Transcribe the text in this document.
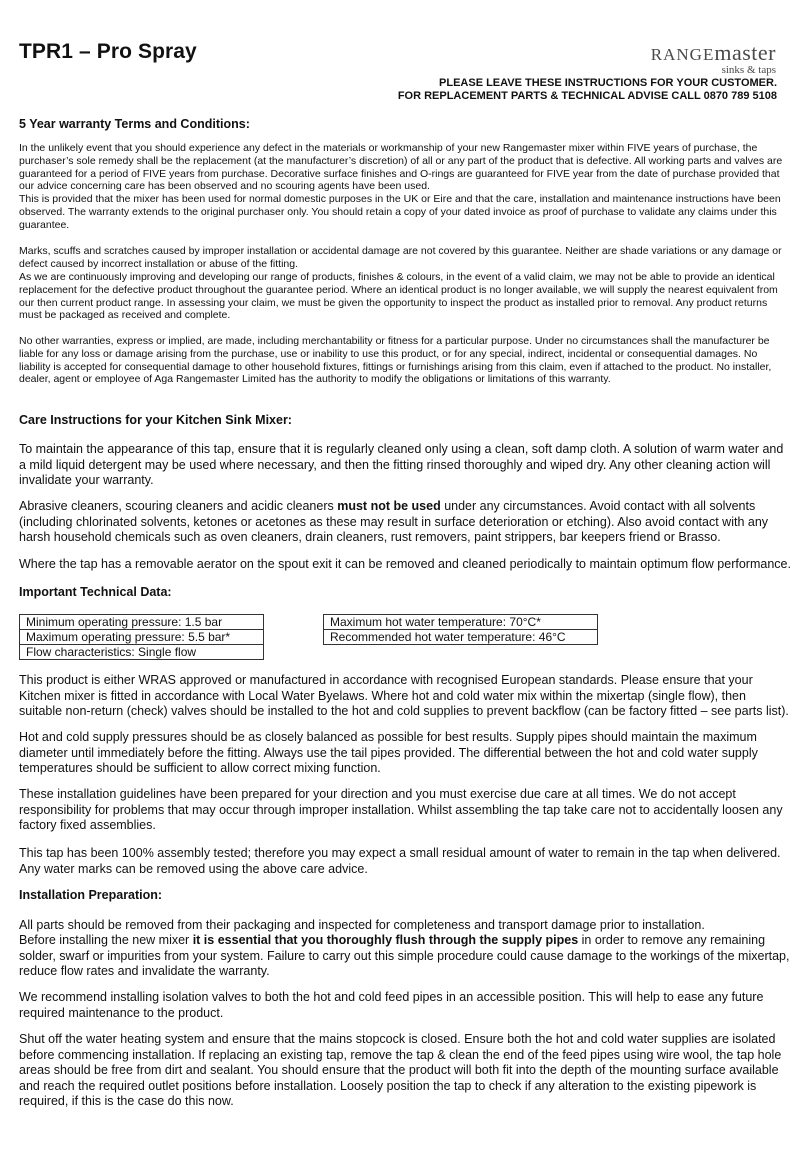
TPR1 – Pro Spray	RANGEmaster
sinks & taps
PLEASE LEAVE THESE INSTRUCTIONS FOR YOUR CUSTOMER.
FOR REPLACEMENT PARTS & TECHNICAL ADVISE CALL 0870 789 5108
5 Year warranty Terms and Conditions:

In the unlikely event that you should experience any defect in the materials or workmanship of your new Rangemaster mixer within FIVE years of purchase, the purchaser’s sole remedy shall be the replacement (at the manufacturer’s discretion) of all or any part of the product that is defective. All working parts and valves are guaranteed for a period of FIVE years from purchase. Decorative surface finishes and O-rings are guaranteed for FIVE year from the date of purchase provided that our advice concerning care has been observed and no scouring agents have been used.

This is provided that the mixer has been used for normal domestic purposes in the UK or Eire and that the care, installation and maintenance instructions have been observed. The warranty extends to the original purchaser only. You should retain a copy of your dated invoice as proof of purchase to validate any claims under this guarantee.

Marks, scuffs and scratches caused by improper installation or accidental damage are not covered by this guarantee. Neither are shade variations or any damage or defect caused by incorrect installation or abuse of the fitting.

As we are continuously improving and developing our range of products, finishes & colours, in the event of a valid claim, we may not be able to provide an identical replacement for the defective product throughout the guarantee period. Where an identical product is no longer available, we will supply the nearest equivalent from our then current product range. In assessing your claim, we must be given the opportunity to inspect the product as installed prior to removal. Any product returns must be packaged as received and complete.

No other warranties, express or implied, are made, including merchantability or fitness for a particular purpose. Under no circumstances shall the manufacturer be liable for any loss or damage arising from the purchase, use or inability to use this product, or for any special, indirect, incidental or consequential damages. No liability is accepted for consequential damage to other household fixtures, fittings or furnishings arising from this claim, even if attached to the product. No installer, dealer, agent or employee of Aga Rangemaster Limited has the authority to modify the obligations or limitations of this warranty.

Care Instructions for your Kitchen Sink Mixer:

To maintain the appearance of this tap, ensure that it is regularly cleaned only using a clean, soft damp cloth. A solution of warm water and a mild liquid detergent may be used where necessary, and then the fitting rinsed thoroughly and wiped dry. Any other cleaning action will invalidate your warranty.

Abrasive cleaners, scouring cleaners and acidic cleaners must not be used under any circumstances. Avoid contact with all solvents (including chlorinated solvents, ketones or acetones as these may result in surface deterioration or etching). Also avoid contact with any harsh household chemicals such as oven cleaners, drain cleaners, rust removers, paint strippers, bar keepers friend or Brasso.

Where the tap has a removable aerator on the spout exit it can be removed and cleaned periodically to maintain optimum flow performance.

Important Technical Data:
Minimum operating pressure: 1.5 bar
Maximum operating pressure: 5.5 bar*
Flow characteristics: Single flow
Maximum hot water temperature: 70°C*
Recommended hot water temperature: 46°C

This product is either WRAS approved or manufactured in accordance with recognised European standards. Please ensure that your Kitchen mixer is fitted in accordance with Local Water Byelaws. Where hot and cold water mix within the mixertap (single flow), then suitable non-return (check) valves should be installed to the hot and cold supplies to prevent backflow (can be factory fitted – see parts list).

Hot and cold supply pressures should be as closely balanced as possible for best results. Supply pipes should maintain the maximum diameter until immediately before the fitting. Always use the tail pipes provided. The differential between the hot and cold water supply temperatures should be sufficient to allow correct mixing function.

These installation guidelines have been prepared for your direction and you must exercise due care at all times. We do not accept responsibility for problems that may occur through improper installation. Whilst assembling the tap take care not to accidentally loosen any factory fixed assemblies.

This tap has been 100% assembly tested; therefore you may expect a small residual amount of water to remain in the tap when delivered. Any water marks can be removed using the above care advice.

Installation Preparation:

All parts should be removed from their packaging and inspected for completeness and transport damage prior to installation.

Before installing the new mixer it is essential that you thoroughly flush through the supply pipes in order to remove any remaining solder, swarf or impurities from your system. Failure to carry out this simple procedure could cause damage to the workings of the mixertap, reduce flow rates and invalidate the warranty.

We recommend installing isolation valves to both the hot and cold feed pipes in an accessible position. This will help to ease any future required maintenance to the product.

Shut off the water heating system and ensure that the mains stopcock is closed. Ensure both the hot and cold water supplies are isolated before commencing installation. If replacing an existing tap, remove the tap & clean the end of the feed pipes using wire wool, the tap hole areas should be free from dirt and sealant. You should ensure that the product will both fit into the depth of the mounting surface available and reach the required outlet positions before installation. Loosely position the tap to check if any alteration to the existing pipework is required, if this is the case do this now.
